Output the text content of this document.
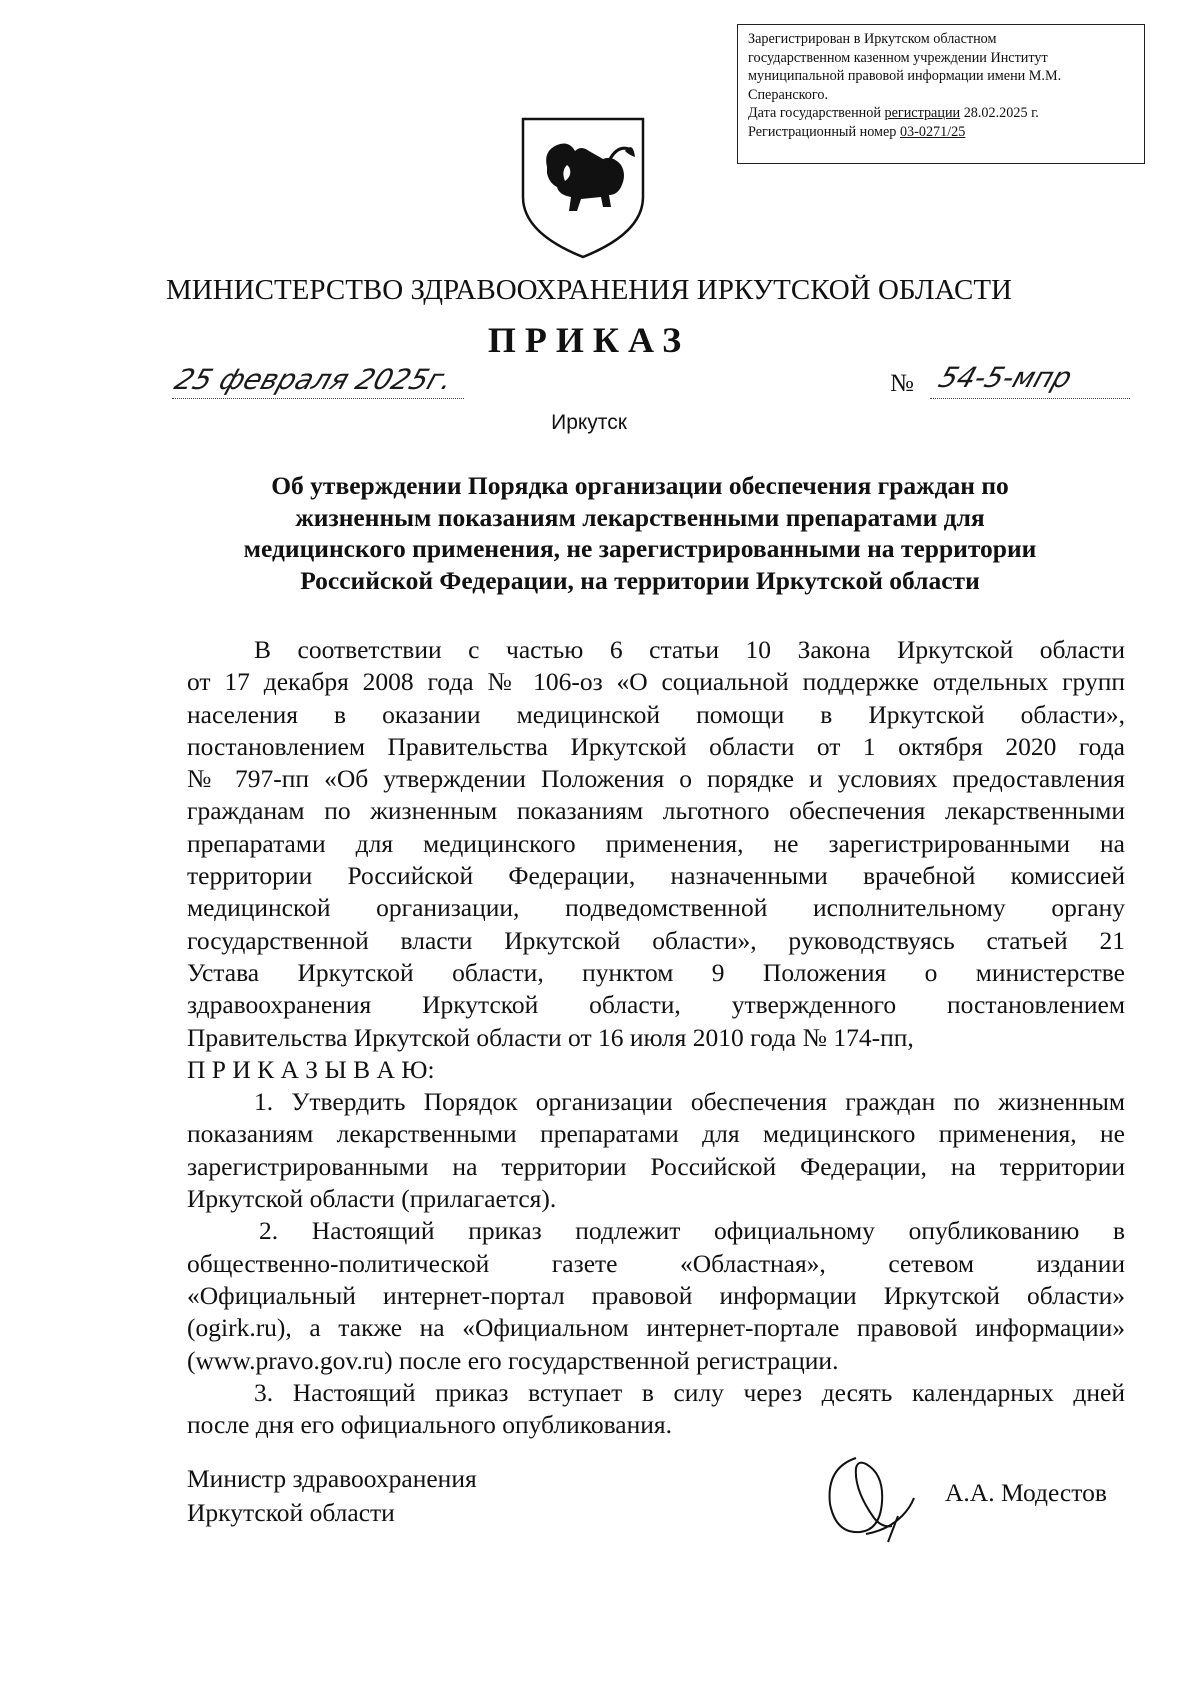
Зарегистрирован в Иркутском областном
государственном казенном учреждении Институт
муниципальной правовой информации имени М.М.
Сперанского.
Дата государственной регистрации 28.02.2025 г.
Регистрационный номер 03-0271/25
МИНИСТЕРСТВО ЗДРАВООХРАНЕНИЯ ИРКУТСКОЙ ОБЛАСТИ
ПРИКАЗ
25 февраля 2025г.	№ 54-5-мпр
Иркутск
Об утверждении Порядка организации обеспечения граждан по
жизненным показаниям лекарственными препаратами для
медицинского применения, не зарегистрированными на территории
Российской Федерации, на территории Иркутской области
В соответствии с частью 6 статьи 10 Закона Иркутской области
от 17 декабря 2008 года № 106-оз «О социальной поддержке отдельных групп
населения в оказании медицинской помощи в Иркутской области»,
постановлением Правительства Иркутской области от 1 октября 2020 года
№ 797-пп «Об утверждении Положения о порядке и условиях предоставления
гражданам по жизненным показаниям льготного обеспечения лекарственными
препаратами для медицинского применения, не зарегистрированными на
территории Российской Федерации, назначенными врачебной комиссией
медицинской организации, подведомственной исполнительному органу
государственной власти Иркутской области», руководствуясь статьей 21
Устава Иркутской области, пунктом 9 Положения о министерстве
здравоохранения Иркутской области, утвержденного постановлением
Правительства Иркутской области от 16 июля 2010 года № 174-пп,
П Р И К А З Ы В А Ю:
1. Утвердить Порядок организации обеспечения граждан по жизненным
показаниям лекарственными препаратами для медицинского применения, не
зарегистрированными на территории Российской Федерации, на территории
Иркутской области (прилагается).
2. Настоящий приказ подлежит официальному опубликованию в
общественно-политической газете «Областная», сетевом издании
«Официальный интернет-портал правовой информации Иркутской области»
(ogirk.ru), а также на «Официальном интернет-портале правовой информации»
(www.pravo.gov.ru) после его государственной регистрации.
3. Настоящий приказ вступает в силу через десять календарных дней
после дня его официального опубликования.
Министр здравоохранения
Иркутской области
А.А. Модестов
